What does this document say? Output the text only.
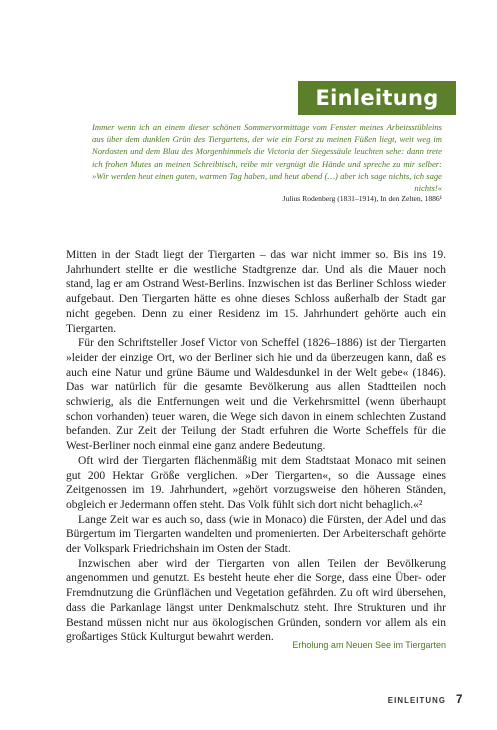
Einleitung
Immer wenn ich an einem dieser schönen Sommervormittage vom Fenster meines Arbeitsstübleins aus über dem dunklen Grün des Tiergartens, der wie ein Forst zu meinen Füßen liegt, weit weg im Nordosten und dem Blau des Morgenhimmels die Victoria der Siegessäule leuchten sehe: dann trete ich frohen Mutes an meinen Schreibtisch, reibe mir vergnügt die Hände und spreche zu mir selber: »Wir werden heut einen guten, warmen Tag haben, und heut abend (…) aber ich sage nichts, ich sage nichts!«
Julius Rodenberg (1831–1914), In den Zelten, 1886¹

Mitten in der Stadt liegt der Tiergarten – das war nicht immer so. Bis ins 19. Jahrhundert stellte er die westliche Stadtgrenze dar. Und als die Mauer noch stand, lag er am Ostrand West-Berlins. Inzwischen ist das Berliner Schloss wieder aufgebaut. Den Tiergarten hätte es ohne dieses Schloss außerhalb der Stadt gar nicht gegeben. Denn zu einer Residenz im 15. Jahrhundert gehörte auch ein Tiergarten.

Für den Schriftsteller Josef Victor von Scheffel (1826–1886) ist der Tiergarten »leider der einzige Ort, wo der Berliner sich hie und da überzeugen kann, daß es auch eine Natur und grüne Bäume und Waldesdunkel in der Welt gebe« (1846). Das war natürlich für die gesamte Bevölkerung aus allen Stadtteilen noch schwierig, als die Entfernungen weit und die Verkehrsmittel (wenn überhaupt schon vorhanden) teuer waren, die Wege sich davon in einem schlechten Zustand befanden. Zur Zeit der Teilung der Stadt erfuhren die Worte Scheffels für die West-Berliner noch einmal eine ganz andere Bedeutung.

Oft wird der Tiergarten flächenmäßig mit dem Stadtstaat Monaco mit seinen gut 200 Hektar Größe verglichen. »Der Tiergarten«, so die Aussage eines Zeitgenossen im 19. Jahrhundert, »gehört vorzugsweise den höheren Ständen, obgleich er Jedermann offen steht. Das Volk fühlt sich dort nicht behaglich.«²

Lange Zeit war es auch so, dass (wie in Monaco) die Fürsten, der Adel und das Bürgertum im Tiergarten wandelten und promenierten. Der Arbeiterschaft gehörte der Volkspark Friedrichshain im Osten der Stadt.

Inzwischen aber wird der Tiergarten von allen Teilen der Bevölkerung angenommen und genutzt. Es besteht heute eher die Sorge, dass eine Über- oder Fremdnutzung die Grünflächen und Vegetation gefährden. Zu oft wird übersehen, dass die Parkanlage längst unter Denkmalschutz steht. Ihre Strukturen und ihr Bestand müssen nicht nur aus ökologischen Gründen, sondern vor allem als ein großartiges Stück Kulturgut bewahrt werden.

Erholung am Neuen See im Tiergarten
EINLEITUNG 7
